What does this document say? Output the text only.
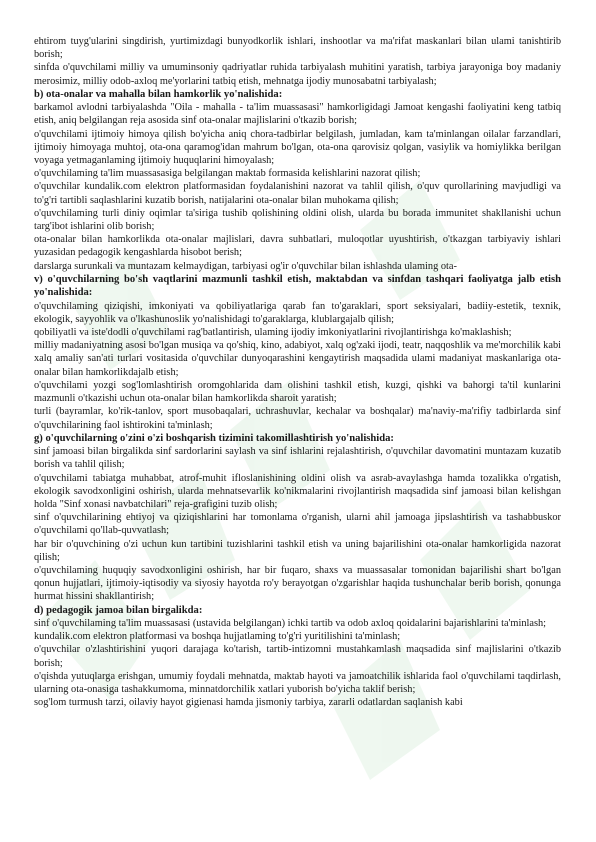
ehtirom tuyg'ularini singdirish, yurtimizdagi bunyodkorlik ishlari, inshootlar va ma'rifat maskanlari bilan ulami tanishtirib borish;

sinfda o'quvchilami milliy va umuminsoniy qadriyatlar ruhida tarbiyalash muhitini yaratish, tarbiya jarayoniga boy madaniy merosimiz, milliy odob-axloq me'yorlarini tatbiq etish, mehnatga ijodiy munosabatni tarbiyalash;

b) ota-onalar va mahalla bilan hamkorlik yo'nalishida:

barkamol avlodni tarbiyalashda "Oila - mahalla - ta'lim muassasasi" hamkorligidagi Jamoat kengashi faoliyatini keng tatbiq etish, aniq belgilangan reja asosida sinf ota-onalar majlislarini o'tkazib borish;

o'quvchilami ijtimoiy himoya qilish bo'yicha aniq chora-tadbirlar belgilash, jumladan, kam ta'minlangan oilalar farzandlari, ijtimoiy himoyaga muhtoj, ota-ona qaramog'idan mahrum bo'lgan, ota-ona qarovisiz qolgan, vasiylik va homiylikka berilgan voyaga yetmaganlaming ijtimoiy huquqlarini himoyalash;

o'quvchilaming ta'lim muassasasiga belgilangan maktab formasida kelishlarini nazorat qilish;

o'quvchilar kundalik.com elektron platformasidan foydalanishini nazorat va tahlil qilish, o'quv qurollarining mavjudligi va to'g'ri tartibli saqlashlarini kuzatib borish, natijalarini ota-onalar bilan muhokama qilish;

o'quvchilaming turli diniy oqimlar ta'siriga tushib qolishining oldini olish, ularda bu borada immunitet shakllanishi uchun targ'ibot ishlarini olib borish;

ota-onalar bilan hamkorlikda ota-onalar majlislari, davra suhbatlari, muloqotlar uyushtirish, o'tkazgan tarbiyaviy ishlari yuzasidan pedagogik kengashlarda hisobot berish;

darslarga surunkali va muntazam kelmaydigan, tarbiyasi og'ir o'quvchilar bilan ishlashda ulaming ota-

v) o'quvchilarning bo'sh vaqtlarini mazmunli tashkil etish, maktabdan va sinfdan tashqari faoliyatga jalb etish yo'nalishida:

o'quvchilaming qiziqishi, imkoniyati va qobiliyatlariga qarab fan to'garaklari, sport seksiyalari, badiiy-estetik, texnik, ekologik, sayyohlik va o'lkashunoslik yo'nalishidagi to'garaklarga, klublargajalb qilish;

qobiliyatli va iste'dodli o'quvchilami rag'batlantirish, ulaming ijodiy imkoniyatlarini rivojlantirishga ko'maklashish;

milliy madaniyatning asosi bo'lgan musiqa va qo'shiq, kino, adabiyot, xalq og'zaki ijodi, teatr, naqqoshlik va me'morchilik kabi xalq amaliy san'ati turlari vositasida o'quvchilar dunyoqarashini kengaytirish maqsadida ulami madaniyat maskanlariga ota-onalar bilan hamkorlikdajalb etish;

o'quvchilami yozgi sog'lomlashtirish oromgohlarida dam olishini tashkil etish, kuzgi, qishki va bahorgi ta'til kunlarini mazmunli o'tkazishi uchun ota-onalar bilan hamkorlikda sharoit yaratish;

turli (bayramlar, ko'rik-tanlov, sport musobaqalari, uchrashuvlar, kechalar va boshqalar) ma'naviy-ma'rifiy tadbirlarda sinf o'quvchilarining faol ishtirokini ta'minlash;

g) o'quvchilarning o'zini o'zi boshqarish tizimini takomillashtirish yo'nalishida:

sinf jamoasi bilan birgalikda sinf sardorlarini saylash va sinf ishlarini rejalashtirish, o'quvchilar davomatini muntazam kuzatib borish va tahlil qilish;

o'quvchilami tabiatga muhabbat, atrof-muhit ifloslanishining oldini olish va asrab-avaylashga hamda tozalikka o'rgatish, ekologik savodxonligini oshirish, ularda mehnatsevarlik ko'nikmalarini rivojlantirish maqsadida sinf jamoasi bilan kelishgan holda "Sinf xonasi navbatchilari" reja-grafigini tuzib olish;

sinf o'quvchilarining ehtiyoj va qiziqishlarini har tomonlama o'rganish, ularni ahil jamoaga jipslashtirish va tashabbuskor o'quvchilami qo'llab-quvvatlash;

har bir o'quvchining o'zi uchun kun tartibini tuzishlarini tashkil etish va uning bajarilishini ota-onalar hamkorligida nazorat qilish;

o'quvchilaming huquqiy savodxonligini oshirish, har bir fuqaro, shaxs va muassasalar tomonidan bajarilishi shart bo'lgan qonun hujjatlari, ijtimoiy-iqtisodiy va siyosiy hayotda ro'y berayotgan o'zgarishlar haqida tushunchalar berib borish, qonunga hurmat hissini shakllantirish;

d) pedagogik jamoa bilan birgalikda:

sinf o'quvchilaming ta'lim muassasasi (ustavida belgilangan) ichki tartib va odob axloq qoidalarini bajarishlarini ta'minlash;

kundalik.com elektron platformasi va boshqa hujjatlaming to'g'ri yuritilishini ta'minlash;

o'quvchilar o'zlashtirishini yuqori darajaga ko'tarish, tartib-intizomni mustahkamlash maqsadida sinf majlislarini o'tkazib borish;

o'qishda yutuqlarga erishgan, umumiy foydali mehnatda, maktab hayoti va jamoatchilik ishlarida faol o'quvchilami taqdirlash, ularning ota-onasiga tashakkumoma, minnatdorchilik xatlari yuborish bo'yicha taklif berish;

sog'lom turmush tarzi, oilaviy hayot gigienasi hamda jismoniy tarbiya, zararli odatlardan saqlanish kabi
